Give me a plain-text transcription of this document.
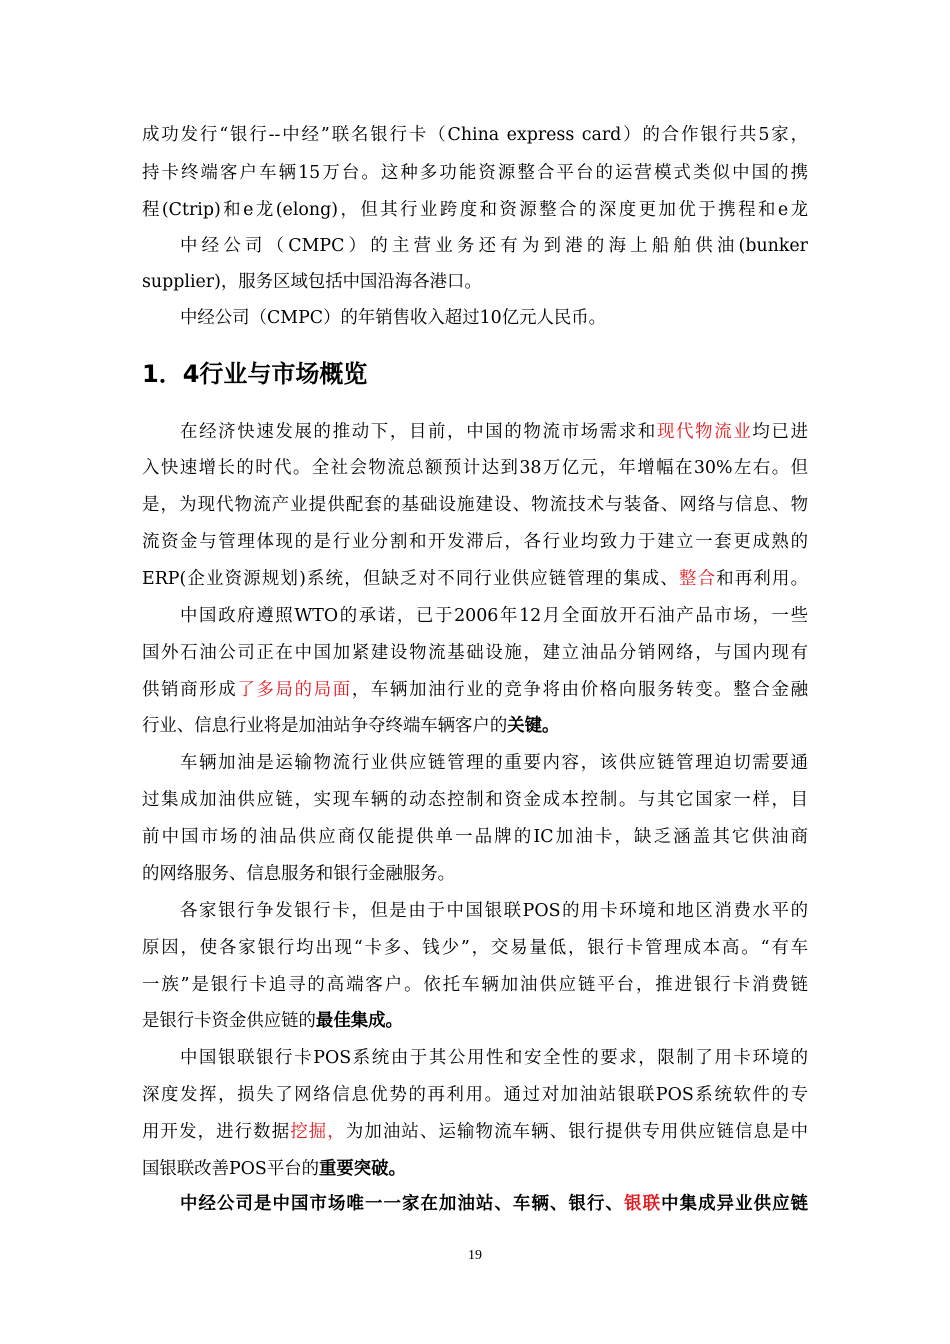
成功发行“银行--中经”联名银行卡（China express card）的合作银行共5家，
持卡终端客户车辆15万台。这种多功能资源整合平台的运营模式类似中国的携
程(Ctrip)和e龙(elong)，但其行业跨度和资源整合的深度更加优于携程和e龙
中经公司（CMPC）的主营业务还有为到港的海上船舶供油(bunker
supplier)，服务区域包括中国沿海各港口。
中经公司（CMPC）的年销售收入超过10亿元人民币。
1．4行业与市场概览
在经济快速发展的推动下，目前，中国的物流市场需求和现代物流业均已进
入快速增长的时代。全社会物流总额预计达到38万亿元，年增幅在30%左右。但
是，为现代物流产业提供配套的基础设施建设、物流技术与装备、网络与信息、物
流资金与管理体现的是行业分割和开发滞后，各行业均致力于建立一套更成熟的
ERP(企业资源规划)系统，但缺乏对不同行业供应链管理的集成、整合和再利用。
中国政府遵照WTO的承诺，已于2006年12月全面放开石油产品市场，一些
国外石油公司正在中国加紧建设物流基础设施，建立油品分销网络，与国内现有
供销商形成了多局的局面，车辆加油行业的竞争将由价格向服务转变。整合金融
行业、信息行业将是加油站争夺终端车辆客户的关键。
车辆加油是运输物流行业供应链管理的重要内容，该供应链管理迫切需要通
过集成加油供应链，实现车辆的动态控制和资金成本控制。与其它国家一样，目
前中国市场的油品供应商仅能提供单一品牌的IC加油卡，缺乏涵盖其它供油商
的网络服务、信息服务和银行金融服务。
各家银行争发银行卡，但是由于中国银联POS的用卡环境和地区消费水平的
原因，使各家银行均出现“卡多、钱少”，交易量低，银行卡管理成本高。“有车
一族”是银行卡追寻的高端客户。依托车辆加油供应链平台，推进银行卡消费链
是银行卡资金供应链的最佳集成。
中国银联银行卡POS系统由于其公用性和安全性的要求，限制了用卡环境的
深度发挥，损失了网络信息优势的再利用。通过对加油站银联POS系统软件的专
用开发，进行数据挖掘，为加油站、运输物流车辆、银行提供专用供应链信息是中
国银联改善POS平台的重要突破。
中经公司是中国市场唯一一家在加油站、车辆、银行、银联中集成异业供应链
19
